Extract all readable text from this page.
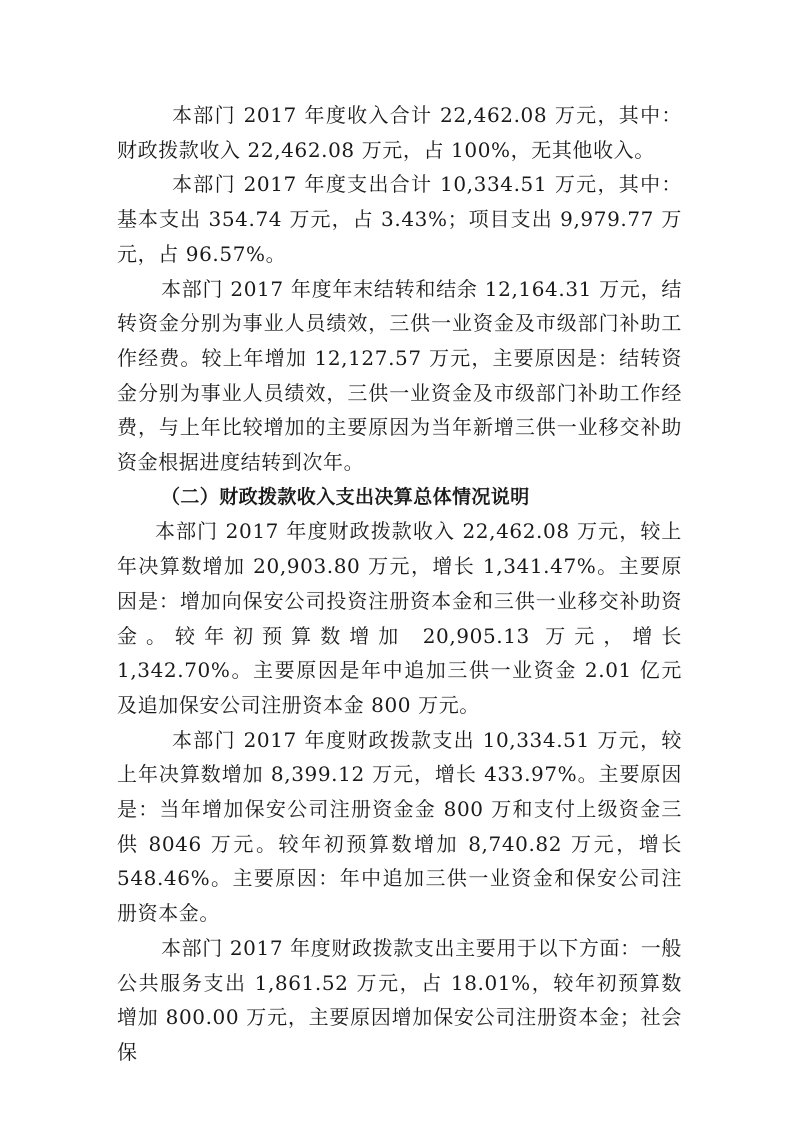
本部门 2017 年度收入合计 22,462.08 万元，其中：财政拨款收入 22,462.08 万元，占 100%，无其他收入。

本部门 2017 年度支出合计 10,334.51 万元，其中：基本支出 354.74 万元，占 3.43%；项目支出 9,979.77 万元，占 96.57%。

本部门 2017 年度年末结转和结余 12,164.31 万元，结转资金分别为事业人员绩效，三供一业资金及市级部门补助工作经费。较上年增加 12,127.57 万元，主要原因是：结转资金分别为事业人员绩效，三供一业资金及市级部门补助工作经费，与上年比较增加的主要原因为当年新增三供一业移交补助资金根据进度结转到次年。

（二）财政拨款收入支出决算总体情况说明

本部门 2017 年度财政拨款收入 22,462.08 万元，较上年决算数增加 20,903.80 万元，增长 1,341.47%。主要原因是：增加向保安公司投资注册资本金和三供一业移交补助资金。较年初预算数增加 20,905.13 万元，增长 1,342.70%。主要原因是年中追加三供一业资金 2.01 亿元及追加保安公司注册资本金 800 万元。

本部门 2017 年度财政拨款支出 10,334.51 万元，较上年决算数增加 8,399.12 万元，增长 433.97%。主要原因是：当年增加保安公司注册资金金 800 万和支付上级资金三供 8046 万元。较年初预算数增加 8,740.82 万元，增长 548.46%。主要原因：年中追加三供一业资金和保安公司注册资本金。

本部门 2017 年度财政拨款支出主要用于以下方面：一般公共服务支出 1,861.52 万元，占 18.01%，较年初预算数增加 800.00 万元，主要原因增加保安公司注册资本金；社会保
